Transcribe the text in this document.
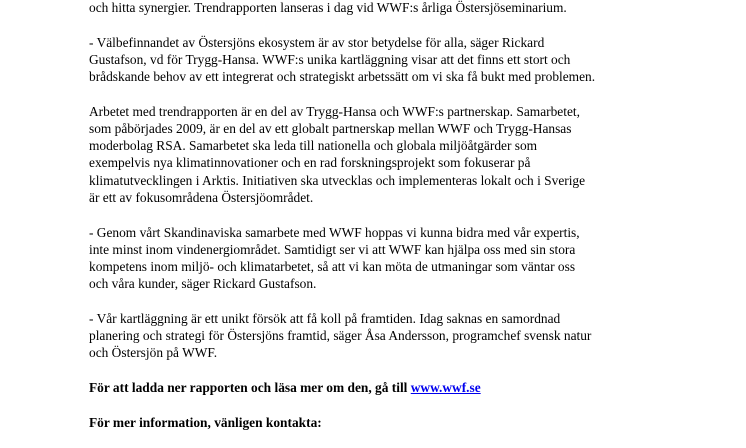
och hitta synergier. Trendrapporten lanseras i dag vid WWF:s årliga Östersjöseminarium.

- Välbefinnandet av Östersjöns ekosystem är av stor betydelse för alla, säger Rickard
Gustafson, vd för Trygg-Hansa. WWF:s unika kartläggning visar att det finns ett stort och
brådskande behov av ett integrerat och strategiskt arbetssätt om vi ska få bukt med problemen.

Arbetet med trendrapporten är en del av Trygg-Hansa och WWF:s partnerskap. Samarbetet,
som påbörjades 2009, är en del av ett globalt partnerskap mellan WWF och Trygg-Hansas
moderbolag RSA. Samarbetet ska leda till nationella och globala miljöåtgärder som
exempelvis nya klimatinnovationer och en rad forskningsprojekt som fokuserar på
klimatutvecklingen i Arktis. Initiativen ska utvecklas och implementeras lokalt och i Sverige
är ett av fokusområdena Östersjöområdet.

- Genom vårt Skandinaviska samarbete med WWF hoppas vi kunna bidra med vår expertis,
inte minst inom vindenergiområdet. Samtidigt ser vi att WWF kan hjälpa oss med sin stora
kompetens inom miljö- och klimatarbetet, så att vi kan möta de utmaningar som väntar oss
och våra kunder, säger Rickard Gustafson.

- Vår kartläggning är ett unikt försök att få koll på framtiden. Idag saknas en samordnad
planering och strategi för Östersjöns framtid, säger Åsa Andersson, programchef svensk natur
och Östersjön på WWF.

För att ladda ner rapporten och läsa mer om den, gå till www.wwf.se

För mer information, vänligen kontakta:
